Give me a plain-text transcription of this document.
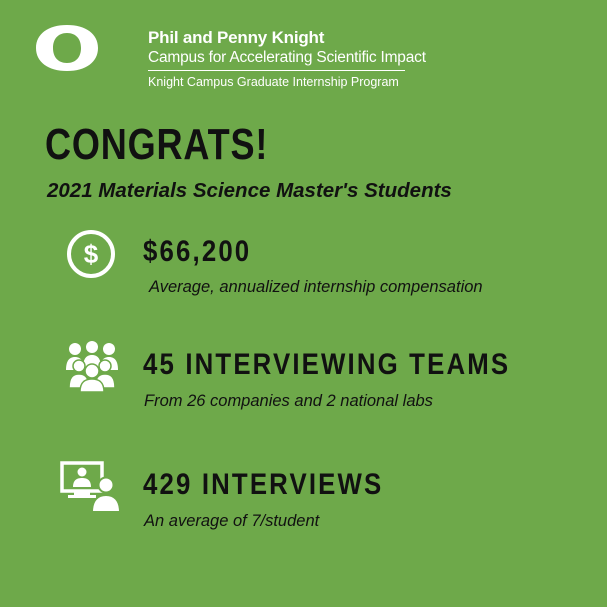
Phil and Penny Knight
Campus for Accelerating Scientific Impact
Knight Campus Graduate Internship Program
CONGRATS!
2021 Materials Science Master's Students
$ $66,200
Average, annualized internship compensation
45 INTERVIEWING TEAMS
From 26 companies and 2 national labs
429 INTERVIEWS
An average of 7/student
